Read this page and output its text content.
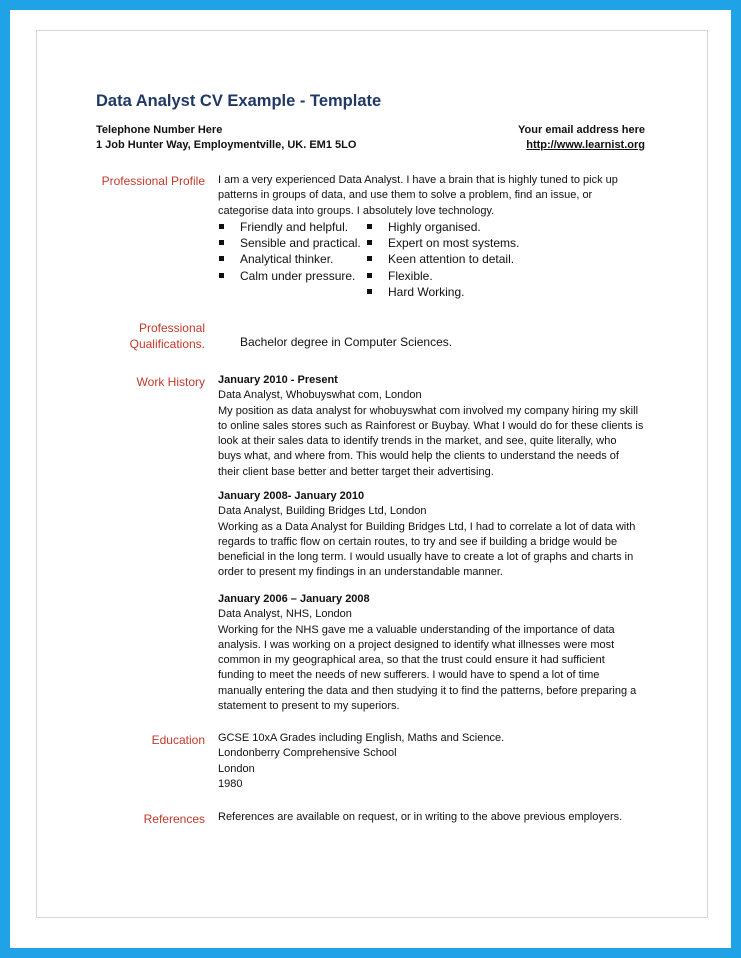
Data Analyst CV Example - Template
Telephone Number Here
1 Job Hunter Way, Employmentville, UK. EM1 5LO
Your email address here
http://www.learnist.org
Professional Profile I am a very experienced Data Analyst. I have a brain that is highly tuned to pick up
patterns in groups of data, and use them to solve a problem, find an issue, or
categorise data into groups. I absolutely love technology.
Friendly and helpful.
Sensible and practical.
Analytical thinker.
Calm under pressure.
Highly organised.
Expert on most systems.
Keen attention to detail.
Flexible.
Hard Working.
Professional
Qualifications.	Bachelor degree in Computer Sciences.
Work History January 2010 - Present
Data Analyst, Whobuyswhat com, London
My position as data analyst for whobuyswhat com involved my company hiring my skill
to online sales stores such as Rainforest or Buybay. What I would do for these clients is
look at their sales data to identify trends in the market, and see, quite literally, who
buys what, and where from. This would help the clients to understand the needs of
their client base better and better target their advertising.
January 2008- January 2010
Data Analyst, Building Bridges Ltd, London
Working as a Data Analyst for Building Bridges Ltd, I had to correlate a lot of data with
regards to traffic flow on certain routes, to try and see if building a bridge would be
beneficial in the long term. I would usually have to create a lot of graphs and charts in
order to present my findings in an understandable manner.
January 2006 – January 2008
Data Analyst, NHS, London
Working for the NHS gave me a valuable understanding of the importance of data
analysis. I was working on a project designed to identify what illnesses were most
common in my geographical area, so that the trust could ensure it had sufficient
funding to meet the needs of new sufferers. I would have to spend a lot of time
manually entering the data and then studying it to find the patterns, before preparing a
statement to present to my superiors.
Education GCSE 10xA Grades including English, Maths and Science.
Londonberry Comprehensive School
London
1980
References References are available on request, or in writing to the above previous employers.
